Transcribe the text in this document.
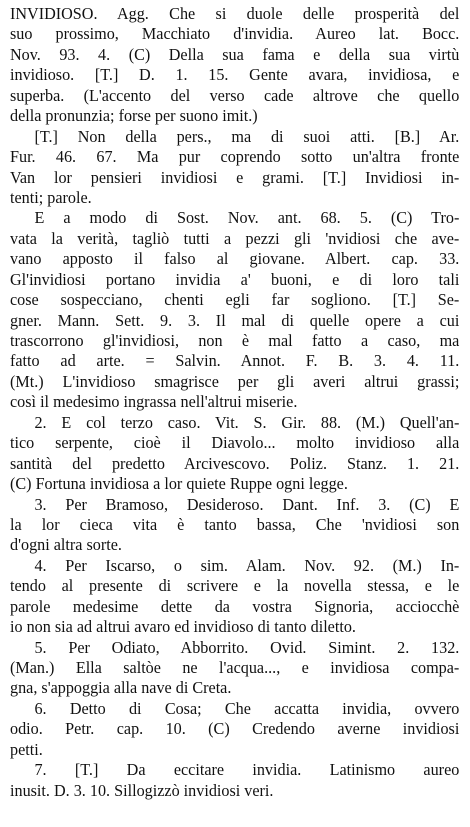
INVIDIOSO. Agg. Che si duole delle prosperità del
suo prossimo, Macchiato d'invidia. Aureo lat. Bocc.
Nov. 93. 4. (C) Della sua fama e della sua virtù
invidioso. [T.] D. 1. 15. Gente avara, invidiosa, e
superba. (L'accento del verso cade altrove che quello
della pronunzia; forse per suono imit.)
[T.] Non della pers., ma di suoi atti. [B.] Ar.
Fur. 46. 67. Ma pur coprendo sotto un'altra fronte
Van lor pensieri invidiosi e grami. [T.] Invidiosi in-
tenti; parole.
E a modo di Sost. Nov. ant. 68. 5. (C) Tro-
vata la verità, tagliò tutti a pezzi gli 'nvidiosi che ave-
vano apposto il falso al giovane. Albert. cap. 33.
Gl'invidiosi portano invidia a' buoni, e di loro tali
cose sospecciano, chenti egli far sogliono. [T.] Se-
gner. Mann. Sett. 9. 3. Il mal di quelle opere a cui
trascorrono gl'invidiosi, non è mal fatto a caso, ma
fatto ad arte. = Salvin. Annot. F. B. 3. 4. 11.
(Mt.) L'invidioso smagrisce per gli averi altrui grassi;
così il medesimo ingrassa nell'altrui miserie.
2. E col terzo caso. Vit. S. Gir. 88. (M.) Quell'an-
tico serpente, cioè il Diavolo... molto invidioso alla
santità del predetto Arcivescovo. Poliz. Stanz. 1. 21.
(C) Fortuna invidiosa a lor quiete Ruppe ogni legge.
3. Per Bramoso, Desideroso. Dant. Inf. 3. (C) E
la lor cieca vita è tanto bassa, Che 'nvidiosi son
d'ogni altra sorte.
4. Per Iscarso, o sim. Alam. Nov. 92. (M.) In-
tendo al presente di scrivere e la novella stessa, e le
parole medesime dette da vostra Signoria, acciocchè
io non sia ad altrui avaro ed invidioso di tanto diletto.
5. Per Odiato, Abborrito. Ovid. Simint. 2. 132.
(Man.) Ella saltòe ne l'acqua..., e invidiosa compa-
gna, s'appoggia alla nave di Creta.
6. Detto di Cosa; Che accatta invidia, ovvero
odio. Petr. cap. 10. (C) Credendo averne invidiosi
petti.
7. [T.] Da eccitare invidia. Latinismo aureo
inusit. D. 3. 10. Sillogizzò invidiosi veri.
